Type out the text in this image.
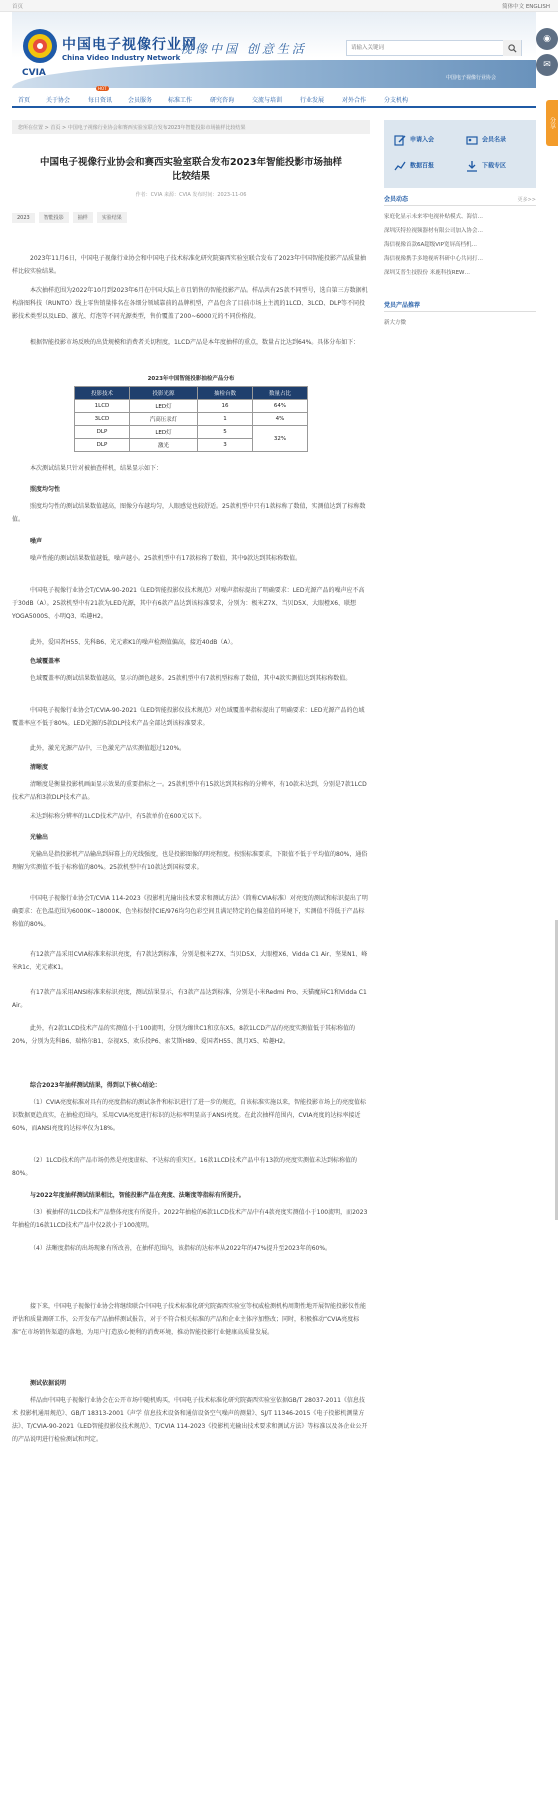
首页	简体中文 ENGLISH
中国电子视像行业网
China Video Industry Network
CVIA
视像中国 创意生活
请输入关键词
中国电子视像行业协会
◉
✉
首页	关于协会	每日资讯
HOT
会员服务	标准工作	研究咨询	交流与培训	行业发展	对外合作	分支机构
您所在位置 > 首页 > 中国电子视像行业协会和赛西实验室联合发布2023年智能投影市场抽样比较结果
中国电子视像行业协会和赛西实验室联合发布2023年智能投影市场抽样
比较结果
作者：CVIA 来源：CVIA 发布时间：2023-11-06
2023	智能投影	抽样	实验结果
2023年11月6日，中国电子视像行业协会和中国电子技术标准化研究院赛西实验室联合发布了2023年中国智能投影产品质量抽样比较实验结果。
本次抽样范围为2022年10月到2023年6月在中国大陆上市且销售的智能投影产品。样品共有25款不同型号，选自第三方数据机构洛图科技（RUNTO）线上零售销量排名在各细分领域靠前的品牌机型，产品包含了目前市场上主流的1LCD、3LCD、DLP等不同投影技术类型以及LED、激光、灯泡等不同光源类型，售价覆盖了200~6000元的不同价格段。
根据智能投影市场反映的出货规模和消费者关切程度，1LCD产品是本年度抽样的重点，数量占比达到64%。具体分布如下：
2023年中国智能投影抽检产品分布
投影技术	投影光源	抽检台数	数量占比
1LCD	LED灯	16	64%
3LCD	汽高压汞灯	1	4%
DLP	LED灯	5	32%
DLP	激光	3	
本次测试结果只针对被抽查样机，结果显示如下：
照度均匀性
照度均匀性的测试结果数值越高，图像分布越均匀，人眼感觉也较舒适。25款机型中只有1款标称了数值，实测值达到了标称数值。
噪声
噪声性能的测试结果数值越低，噪声越小。25款机型中有17款标称了数值，其中9款达到其标称数值。
中国电子视像行业协会T/CVIA-90-2021《LED智能投影仪技术规范》对噪声指标提出了明确要求：LED光源产品的噪声应不高于30dB（A）。25款机型中有21款为LED光源，其中有6款产品达到该标准要求，分别为：极米Z7X、当贝D5X、大眼橙X6、联想YOGA5000S、小明Q3、哈趣H2。
此外，爱国者H55、先科B6、光元素K1的噪声检测值偏高，接近40dB（A）。
色域覆盖率
色域覆盖率的测试结果数值越高，显示的颜色越多。25款机型中有7款机型标称了数值，其中4款实测值达到其标称数值。
中国电子视像行业协会T/CVIA-90-2021《LED智能投影仪技术规范》对色域覆盖率指标提出了明确要求：LED光源产品的色域覆盖率应不低于80%。LED光源的5款DLP技术产品全部达到该标准要求。
此外，激光光源产品中，三色激光产品实测值超过120%。
清晰度
清晰度是衡量投影机画面显示效果的重要指标之一。25款机型中有15款达到其标称的分辨率，有10款未达到，分别是7款1LCD技术产品和3款DLP技术产品。
未达到标称分辨率的1LCD技术产品中，有5款单价在600元以下。
光输出
光输出是指投影机产品输出到屏幕上的光线强度，也是投影图像的明亮程度。按照标准要求，下限值不低于平均值的80%，通俗理解为实测值不低于标称值的80%。25款机型中有10款达到国标要求。
中国电子视像行业协会T/CVIA 114-2023《投影机光输出技术要求和测试方法》（简称CVIA标准）对亮度的测试和标识提出了明确要求：在色温范围为6000K~18000K、色坐标保持CIE/976均匀色彩空间且满足特定的色偏差值的环境下，实测值不得低于产品标称值的80%。
有12款产品采用CVIA标准来标识亮度，有7款达到标准，分别是极米Z7X、当贝D5X、大眼橙X6、Vidda C1 Air、坚果N1、峰米R1c、光元素K1。
有17款产品采用ANSI标准来标识亮度，测试结果显示，有3款产品达到标准，分别是小米Redmi Pro、天猫魔屏C1和Vidda C1 Air。
此外，有2款1LCD技术产品的实测值小于100流明，分别为臻世C1和京东X5。8款1LCD产品的亮度实测值低于其标称值的20%，分别为先科B6、瑞格尔B1、奈视X5、欢乐投P6、索艾斯H89、爱国者H55、凯月X5、哈趣H2。
综合2023年抽样测试结果，得到以下核心结论：
（1）CVIA亮度标准对具有的亮度指标的测试条件和标识进行了进一步的规范，自该标准实施以来，智能投影市场上的亮度值标识数据更趋真实，在抽检范围内，采用CVIA亮度进行标识的达标率明显高于ANSI亮度。在此次抽样范围内，CVIA亮度的达标率接近60%，而ANSI亮度的达标率仅为18%。
（2）1LCD技术的产品市场仍然是亮度虚标、不达标的重灾区。16款1LCD技术产品中有13款的亮度实测值未达到标称值的80%。
与2022年度抽样测试结果相比，智能投影产品在亮度、法晰度等指标有所提升。
（3）被抽样的1LCD技术产品整体亮度有所提升。2022年抽检的6款1LCD技术产品中有4款亮度实测值小于100流明，而2023年抽检的16款1LCD技术产品中仅2款小于100流明。
（4）法晰度指标的出场现象有所改善，在抽样范围内，该指标的达标率从2022年的47%提升至2023年的60%。
接下来，中国电子视像行业协会将继续联合中国电子技术标准化研究院赛西实验室等权威检测机构周期性地开展智能投影仪性能评估和质量调研工作，公开发布产品抽样测试报告，对于不符合相关标准的产品和企业主体序加整改；同时，积极推动“CVIA亮度标准”在市场销售渠道的落地，为用户打造放心便利的消费环境，推动智能投影行业健康高质量发展。
测试依据说明
样品由中国电子视像行业协会在公开市场中随机购买，中国电子技术标准化研究院赛西实验室依据GB/T 28037-2011《信息技术 投影机通用规范》、GB/T 18313-2001《声学 信息技术设备和通信设备空气噪声的测量》、SJ/T 11346-2015《电子投影机测量方法》、T/CVIA-90-2021《LED智能投影仪技术规范》、T/CVIA 114-2023《投影机光输出技术要求和测试方法》等标准以及各企业公开的产品说明进行检验测试和判定。
申请入会	会员名录
数据百报	下载专区
会员动态	更多>>
家庭化显示未来零电视补贴模式、海信…
深圳沃特拉视频器材有限公司加入协会…
海信视像首款6A超级VIP宽屏高档机…
海信视像携手多地视听科研中心共同打…
深圳艾普生技股份 米鹿科技REW…
党员产品推荐
新大方微
分享
